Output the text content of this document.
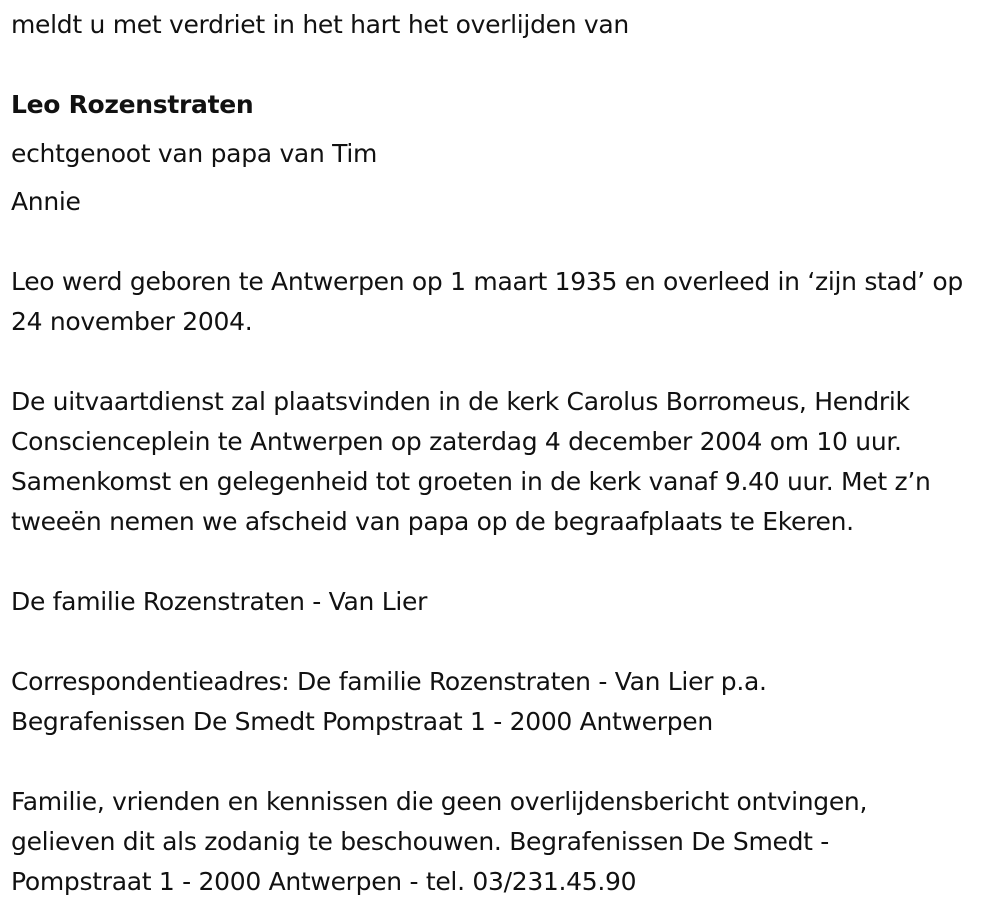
meldt u met verdriet in het hart het overlijden van
Leo Rozenstraten
echtgenoot van papa van Tim
Annie
Leo werd geboren te Antwerpen op 1 maart 1935 en overleed in ‘zijn stad’ op 24 november 2004.
De uitvaartdienst zal plaatsvinden in de kerk Carolus Borromeus, Hendrik Conscienceplein te Antwerpen op zaterdag 4 december 2004 om 10 uur. Samenkomst en gelegenheid tot groeten in de kerk vanaf 9.40 uur. Met z’n tweeën nemen we afscheid van papa op de begraafplaats te Ekeren.
De familie Rozenstraten - Van Lier
Correspondentieadres: De familie Rozenstraten - Van Lier p.a. Begrafenissen De Smedt Pompstraat 1 - 2000 Antwerpen
Familie, vrienden en kennissen die geen overlijdensbericht ontvingen, gelieven dit als zodanig te beschouwen. Begrafenissen De Smedt - Pompstraat 1 - 2000 Antwerpen - tel. 03/231.45.90
